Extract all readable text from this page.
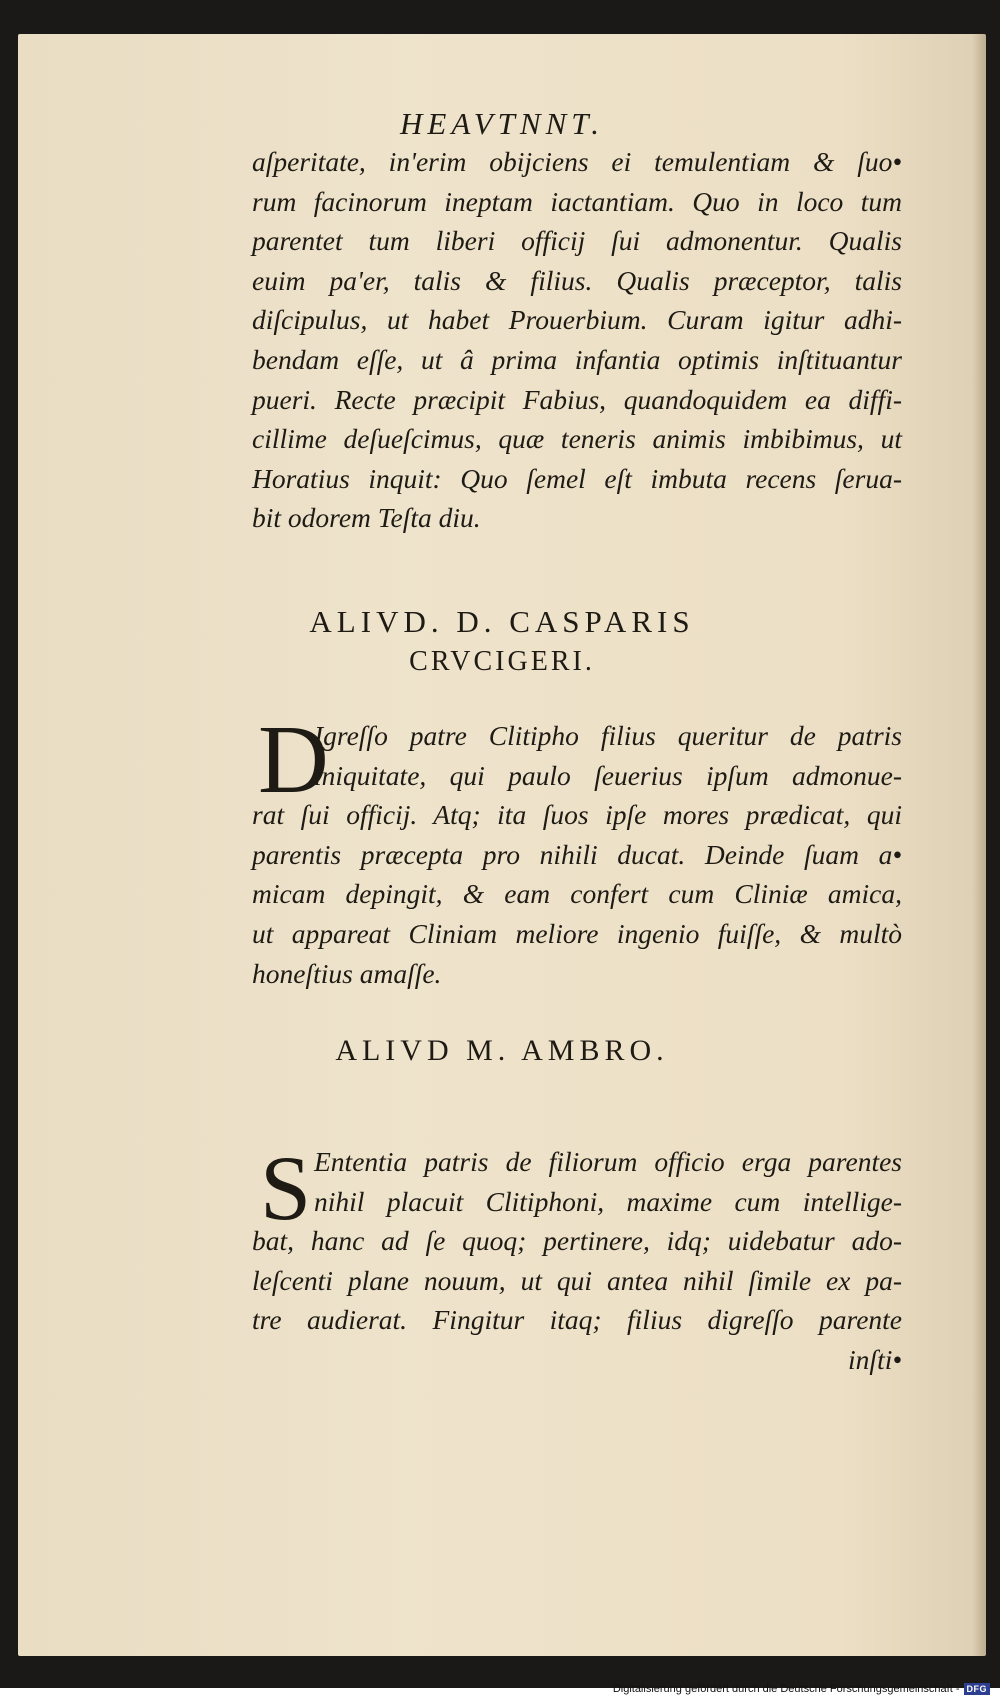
HEAVTNNT.
aſperitate, in'erim obijciens ei temulentiam & ſuo•
rum facinorum ineptam iactantiam. Quo in loco tum
parentet tum liberi officij ſui admonentur. Qualis
euim pa'er, talis & filius. Qualis præceptor, talis
diſcipulus, ut habet Prouerbium. Curam igitur adhi-
bendam eſſe, ut â prima infantia optimis inſtituantur
pueri. Recte præcipit Fabius, quandoquidem ea diffi-
cillime deſueſcimus, quæ teneris animis imbibimus, ut
Horatius inquit: Quo ſemel eſt imbuta recens ſerua-
bit odorem Teſta diu.
ALIVD. D. CASPARIS
CRVCIGERI.
D
Igreſſo patre Clitipho filius queritur de patris
iniquitate, qui paulo ſeuerius ipſum admonue-
rat ſui officij. Atq; ita ſuos ipſe mores prædicat, qui
parentis præcepta pro nihili ducat. Deinde ſuam a•
micam depingit, & eam confert cum Cliniæ amica,
ut appareat Cliniam meliore ingenio fuiſſe, & multò
honeſtius amaſſe.
ALIVD M. AMBRO.
S Ententia patris de filiorum officio erga parentes
nihil placuit Clitiphoni, maxime cum intellige-
bat, hanc ad ſe quoq; pertinere, idq; uidebatur ado-
leſcenti plane nouum, ut qui antea nihil ſimile ex pa-
tre audierat. Fingitur itaq; filius digreſſo parente
inſti•
Digitalisierung gefördert durch die Deutsche Forschungsgemeinschaft - DFG
